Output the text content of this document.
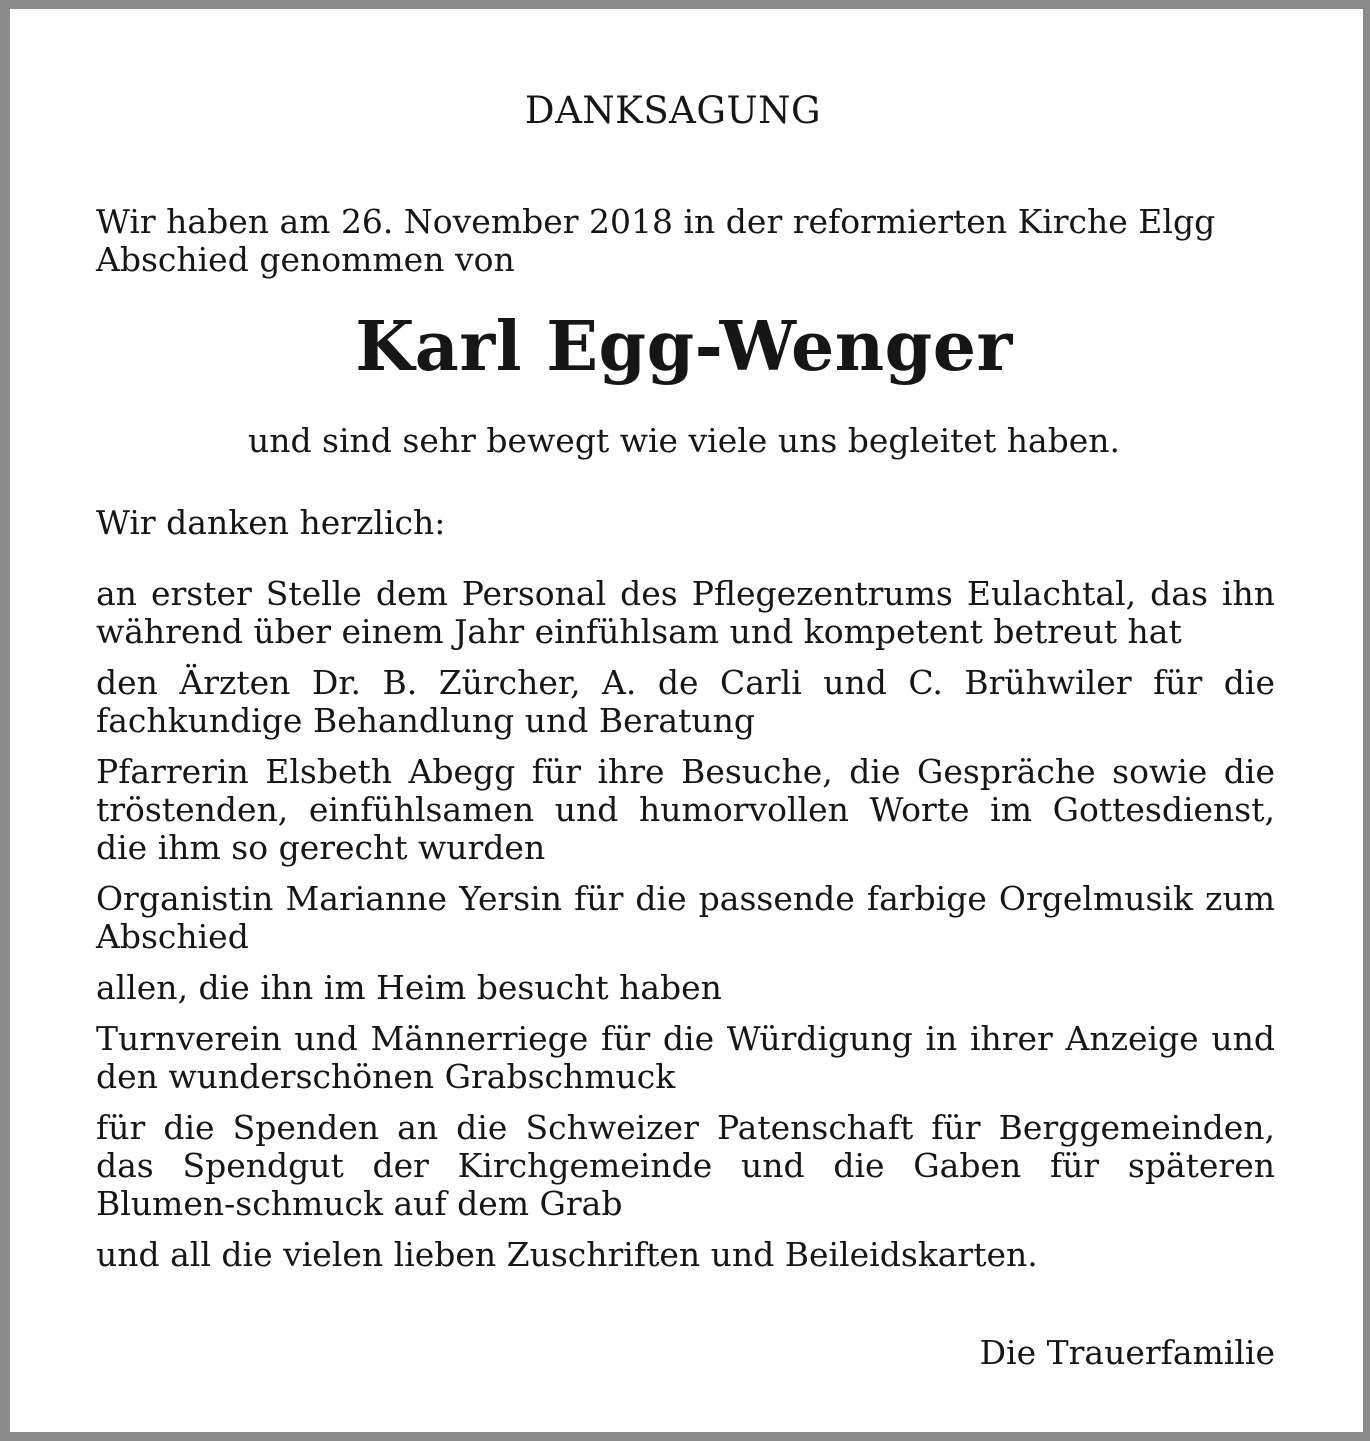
DANKSAGUNG
Wir haben am 26. November 2018 in der reformierten Kirche Elgg Abschied genommen von
Karl Egg-Wenger
und sind sehr bewegt wie viele uns begleitet haben.
Wir danken herzlich:
an erster Stelle dem Personal des Pflegezentrums Eulachtal, das ihn während über einem Jahr einfühlsam und kompetent betreut hat
den Ärzten Dr. B. Zürcher, A. de Carli und C. Brühwiler für die fachkundige Behandlung und Beratung
Pfarrerin Elsbeth Abegg für ihre Besuche, die Gespräche sowie die tröstenden, einfühlsamen und humorvollen Worte im Gottesdienst, die ihm so gerecht wurden
Organistin Marianne Yersin für die passende farbige Orgelmusik zum Abschied
allen, die ihn im Heim besucht haben
Turnverein und Männerriege für die Würdigung in ihrer Anzeige und den wunderschönen Grabschmuck
für die Spenden an die Schweizer Patenschaft für Berggemeinden, das Spendgut der Kirchgemeinde und die Gaben für späteren Blumen-schmuck auf dem Grab
und all die vielen lieben Zuschriften und Beileidskarten.
Die Trauerfamilie
